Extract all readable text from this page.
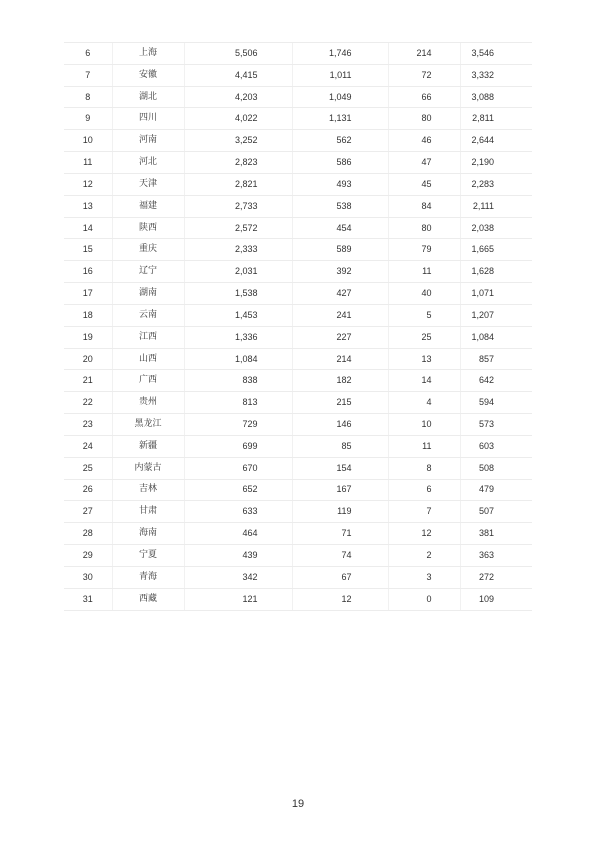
6	上海	5,506	1,746	214	3,546
7	安徽	4,415	1,011	72	3,332
8	湖北	4,203	1,049	66	3,088
9	四川	4,022	1,131	80	2,811
10	河南	3,252	562	46	2,644
11	河北	2,823	586	47	2,190
12	天津	2,821	493	45	2,283
13	福建	2,733	538	84	2,111
14	陕西	2,572	454	80	2,038
15	重庆	2,333	589	79	1,665
16	辽宁	2,031	392	11	1,628
17	湖南	1,538	427	40	1,071
18	云南	1,453	241	5	1,207
19	江西	1,336	227	25	1,084
20	山西	1,084	214	13	857
21	广西	838	182	14	642
22	贵州	813	215	4	594
23	黑龙江	729	146	10	573
24	新疆	699	85	11	603
25	内蒙古	670	154	8	508
26	吉林	652	167	6	479
27	甘肃	633	119	7	507
28	海南	464	71	12	381
29	宁夏	439	74	2	363
30	青海	342	67	3	272
31	西藏	121	12	0	109
19
